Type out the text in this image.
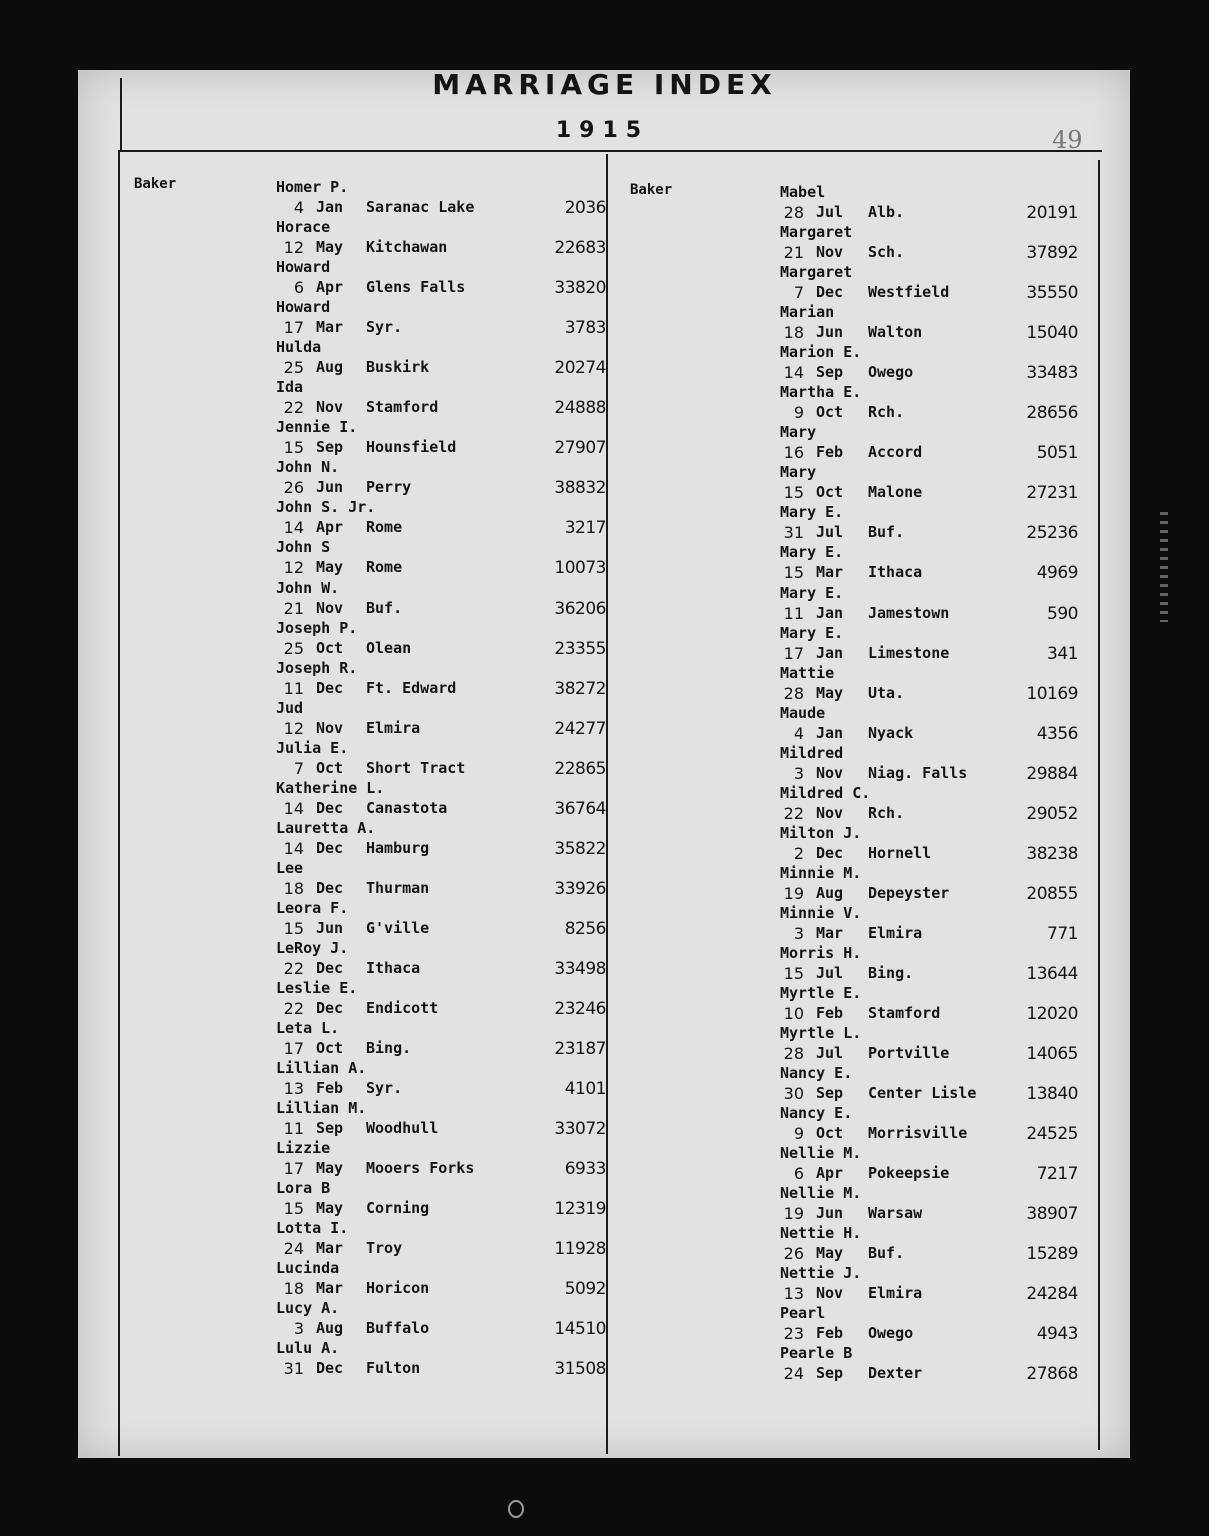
MARRIAGE INDEX
1915	49
Baker	Homer P.
4 Jan Saranac Lake	2036
Horace
12 May Kitchawan	22683
Howard
6 Apr Glens Falls	33820
Howard
17 Mar Syr.	3783
Hulda
25 Aug Buskirk	20274
Ida
22 Nov Stamford	24888
Jennie I.
15 Sep Hounsfield	27907
John N.
26 Jun Perry	38832
John S. Jr.
14 Apr Rome	3217
John S
12 May Rome	10073
John W.
21 Nov Buf.	36206
Joseph P.
25 Oct Olean	23355
Joseph R.
11 Dec Ft. Edward	38272
Jud
12 Nov Elmira	24277
Julia E.
7 Oct Short Tract	22865
Katherine L.
14 Dec Canastota	36764
Lauretta A.
14 Dec Hamburg	35822
Lee
18 Dec Thurman	33926
Leora F.
15 Jun G'ville	8256
LeRoy J.
22 Dec Ithaca	33498
Leslie E.
22 Dec Endicott	23246
Leta L.
17 Oct Bing.	23187
Lillian A.
13 Feb Syr.	4101
Lillian M.
11 Sep Woodhull	33072
Lizzie
17 May Mooers Forks	6933
Lora B
15 May Corning	12319
Lotta I.
24 Mar Troy	11928
Lucinda
18 Mar Horicon	5092
Lucy A.
3 Aug Buffalo	14510
Lulu A.
31 Dec Fulton	31508
Baker	Mabel
28 Jul Alb.	20191
Margaret
21 Nov Sch.	37892
Margaret
7 Dec Westfield	35550
Marian
18 Jun Walton	15040
Marion E.
14 Sep Owego	33483
Martha E.
9 Oct Rch.	28656
Mary
16 Feb Accord	5051
Mary
15 Oct Malone	27231
Mary E.
31 Jul Buf.	25236
Mary E.
15 Mar Ithaca	4969
Mary E.
11 Jan Jamestown	590
Mary E.
17 Jan Limestone	341
Mattie
28 May Uta.	10169
Maude
4 Jan Nyack	4356
Mildred
3 Nov Niag. Falls	29884
Mildred C.
22 Nov Rch.	29052
Milton J.
2 Dec Hornell	38238
Minnie M.
19 Aug Depeyster	20855
Minnie V.
3 Mar Elmira	771
Morris H.
15 Jul Bing.	13644
Myrtle E.
10 Feb Stamford	12020
Myrtle L.
28 Jul Portville	14065
Nancy E.
30 Sep Center Lisle	13840
Nancy E.
9 Oct Morrisville	24525
Nellie M.
6 Apr Pokeepsie	7217
Nellie M.
19 Jun Warsaw	38907
Nettie H.
26 May Buf.	15289
Nettie J.
13 Nov Elmira	24284
Pearl
23 Feb Owego	4943
Pearle B
24 Sep Dexter	27868
